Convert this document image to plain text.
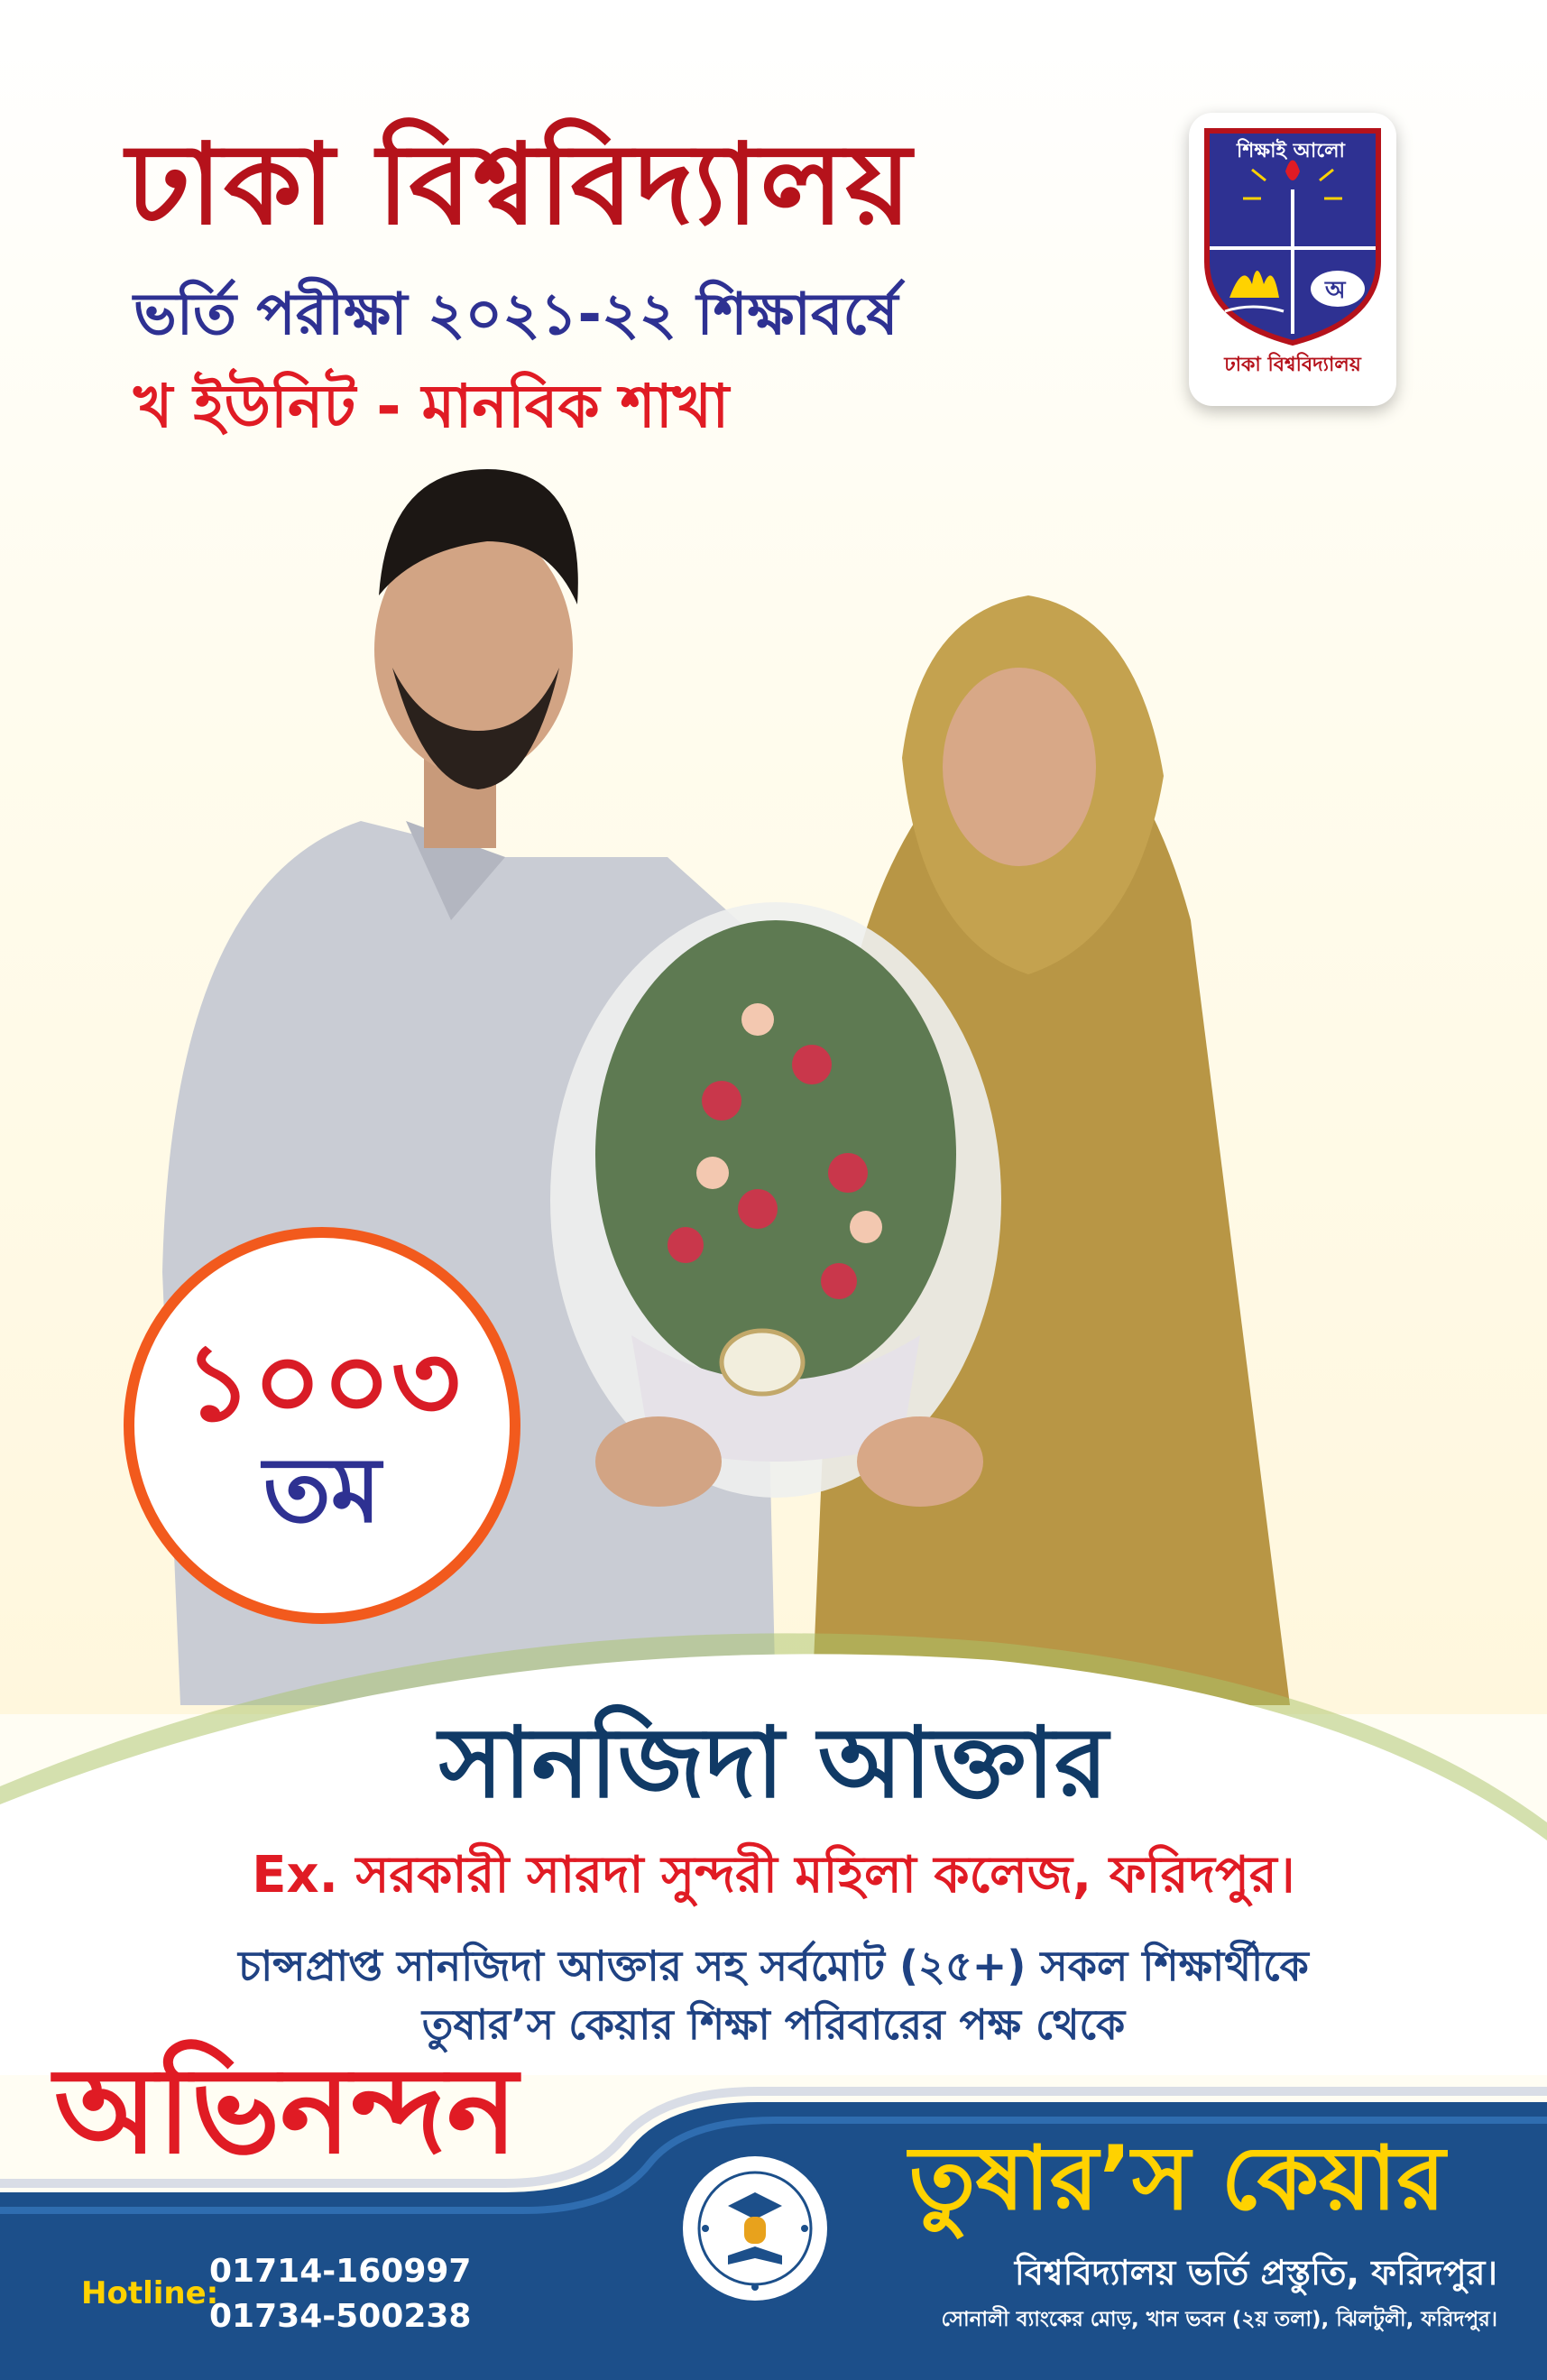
ঢাকা বিশ্ববিদ্যালয়
ভর্তি পরীক্ষা ২০২১-২২ শিক্ষাবর্ষে
খ ইউনিট - মানবিক শাখা
অ
শিক্ষাই আলো
ঢাকা বিশ্ববিদ্যালয়
১০০৩
তম
সানজিদা আক্তার
Ex. সরকারী সারদা সুন্দরী মহিলা কলেজ, ফরিদপুর।
চান্সপ্রাপ্ত সানজিদা আক্তার সহ সর্বমোট (২৫+) সকল শিক্ষার্থীকে
তুষার’স কেয়ার শিক্ষা পরিবারের পক্ষ থেকে
অভিনন্দন
Hotline:
01714-160997
01734-500238
তুষার’স কেয়ার
বিশ্ববিদ্যালয় ভর্তি প্রস্তুতি, ফরিদপুর।
সোনালী ব্যাংকের মোড়, খান ভবন (২য় তলা), ঝিলটুলী, ফরিদপুর।
